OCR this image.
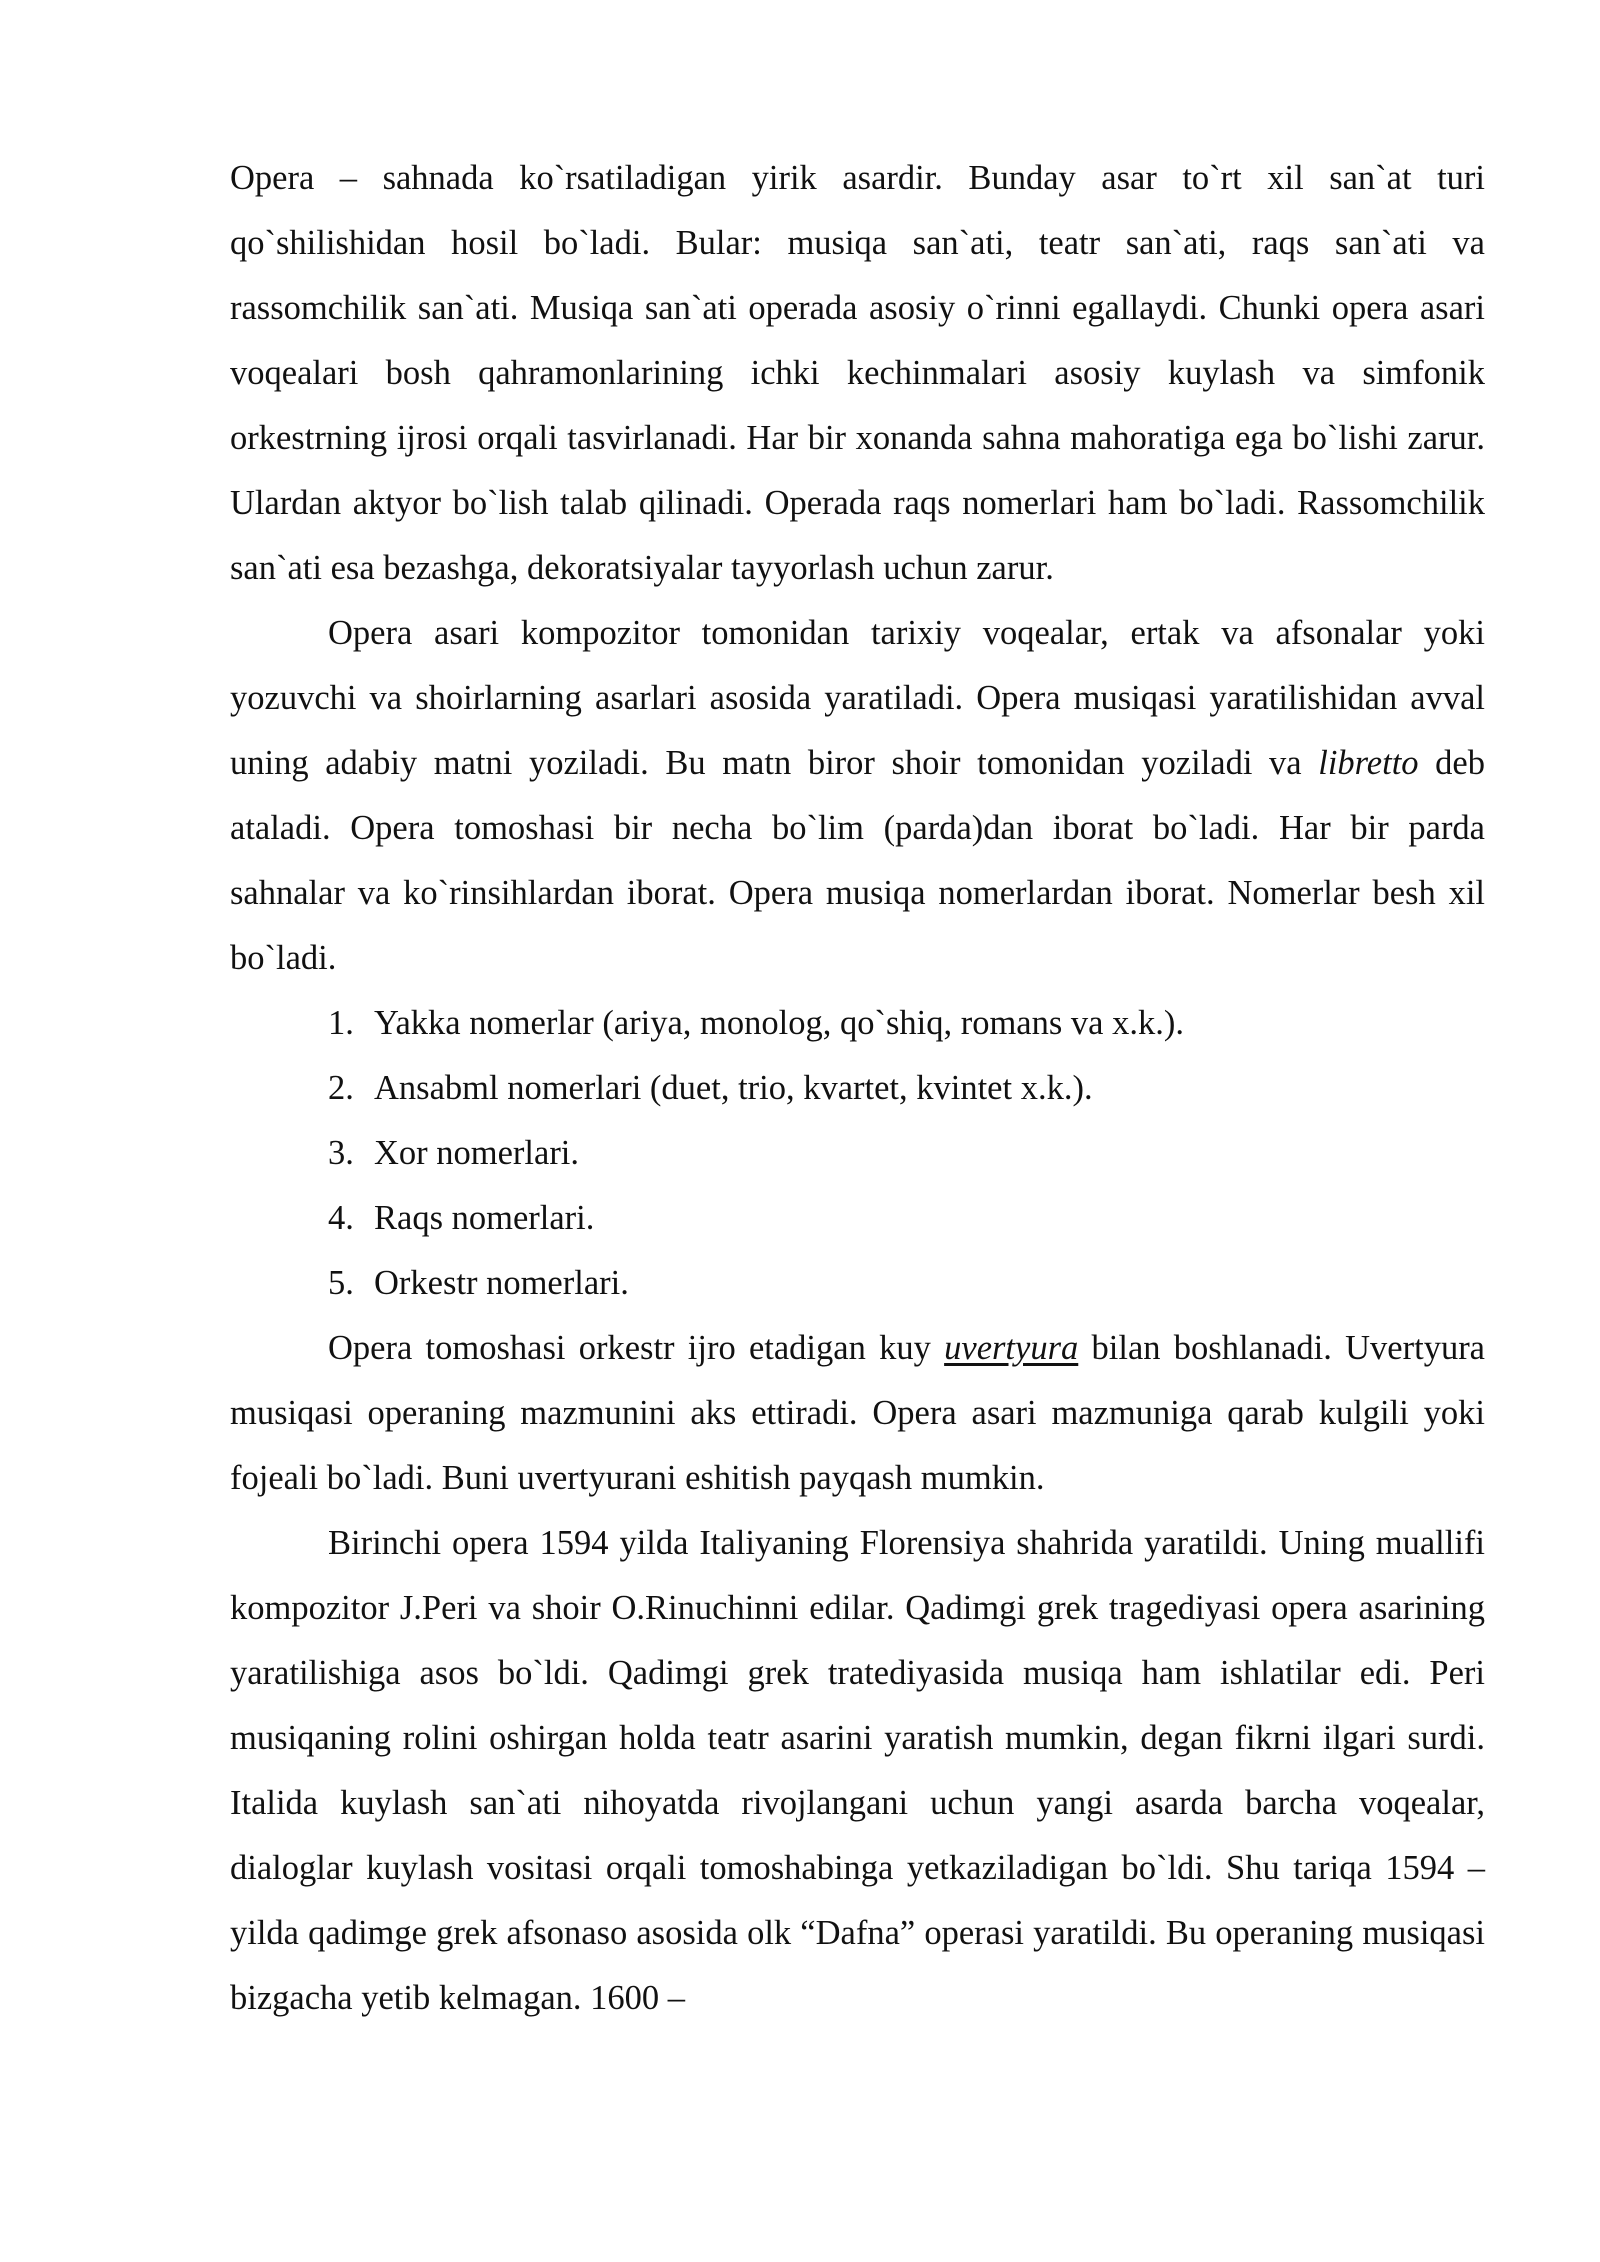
Opera – sahnada ko`rsatiladigan yirik asardir. Bunday asar to`rt xil san`at turi qo`shilishidan hosil bo`ladi. Bular: musiqa san`ati, teatr san`ati, raqs san`ati va rassomchilik san`ati. Musiqa san`ati operada asosiy o`rinni egallaydi. Chunki opera asari voqealari bosh qahramonlarining ichki kechinmalari asosiy kuylash va simfonik orkestrning ijrosi orqali tasvirlanadi. Har bir xonanda sahna mahoratiga ega bo`lishi zarur. Ulardan aktyor bo`lish talab qilinadi. Operada raqs nomerlari ham bo`ladi. Rassomchilik san`ati esa bezashga, dekoratsiyalar tayyorlash uchun zarur.

Opera asari kompozitor tomonidan tarixiy voqealar, ertak va afsonalar yoki yozuvchi va shoirlarning asarlari asosida yaratiladi. Opera musiqasi yaratilishidan avval uning adabiy matni yoziladi. Bu matn biror shoir tomonidan yoziladi va libretto deb ataladi. Opera tomoshasi bir necha bo`lim (parda)dan iborat bo`ladi. Har bir parda sahnalar va ko`rinsihlardan iborat. Opera musiqa nomerlardan iborat. Nomerlar besh xil bo`ladi.

1. Yakka nomerlar (ariya, monolog, qo`shiq, romans va x.k.).
2. Ansabml nomerlari (duet, trio, kvartet, kvintet x.k.).
3. Xor nomerlari.
4. Raqs nomerlari.
5. Orkestr nomerlari.

Opera tomoshasi orkestr ijro etadigan kuy uvertyura bilan boshlanadi. Uvertyura musiqasi operaning mazmunini aks ettiradi. Opera asari mazmuniga qarab kulgili yoki fojeali bo`ladi. Buni uvertyurani eshitish payqash mumkin.

Birinchi opera 1594 yilda Italiyaning Florensiya shahrida yaratildi. Uning muallifi kompozitor J.Peri va shoir O.Rinuchinni edilar. Qadimgi grek tragediyasi opera asarining yaratilishiga asos bo`ldi. Qadimgi grek tratediyasida musiqa ham ishlatilar edi. Peri musiqaning rolini oshirgan holda teatr asarini yaratish mumkin, degan fikrni ilgari surdi. Italida kuylash san`ati nihoyatda rivojlangani uchun yangi asarda barcha voqealar, dialoglar kuylash vositasi orqali tomoshabinga yetkaziladigan bo`ldi. Shu tariqa 1594 – yilda qadimge grek afsonaso asosida olk “Dafna” operasi yaratildi. Bu operaning musiqasi bizgacha yetib kelmagan. 1600 –
